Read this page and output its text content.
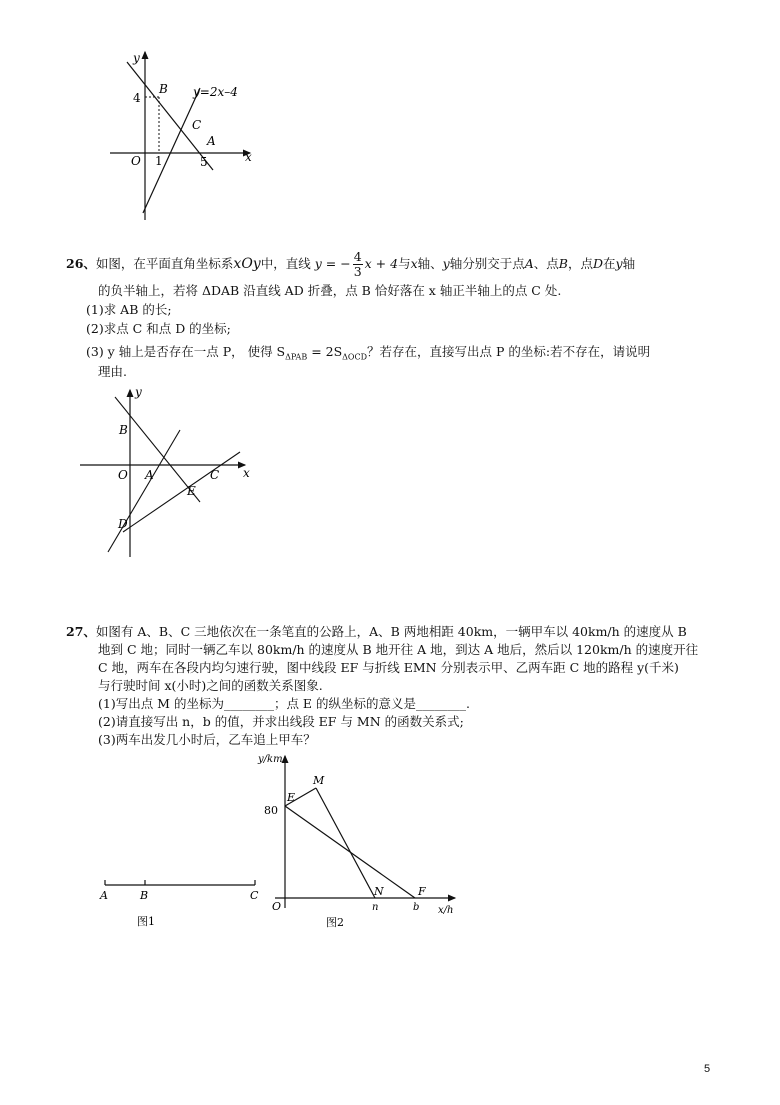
y
x
O
4
1	5
B
C
A
y=2x–4
26、如图，在平面直角坐标系xOy中，直线 y = − $\frac{4}{3}$ x + 4与x轴、y轴分别交于点A、点B，点D在y轴
的负半轴上，若将 ΔDAB 沿直线 AD 折叠，点 B 恰好落在 x 轴正半轴上的点 C 处.
(1)求 AB 的长;
(2)求点 C 和点 D 的坐标;
(3) y 轴上是否存在一点 P， 使得 $S_{\Delta PAB} = 2S_{\Delta OCD}$？若存在，直接写出点 P 的坐标:若不存在，请说明
理由.
y
x
O
B
A	C
E
D
27、如图有 A、B、C 三地依次在一条笔直的公路上，A、B 两地相距 40km，一辆甲车以 40km/h 的速度从 B
地到 C 地；同时一辆乙车以 80km/h 的速度从 B 地开往 A 地，到达 A 地后，然后以 120km/h 的速度开往
C 地，两车在各段内均匀速行驶，图中线段 EF 与折线 EMN 分别表示甲、乙两车距 C 地的路程 y(千米)
与行驶时间 x(小时)之间的函数关系图象.
(1)写出点 M 的坐标为________；点 E 的纵坐标的意义是________.
(2)请直接写出 n，b 的值，并求出线段 EF 与 MN 的函数关系式;
(3)两车出发几小时后，乙车追上甲车？
A	B	C
图1
y/km
x/h
O
80
E
M
N	F
n	b
图2
5
